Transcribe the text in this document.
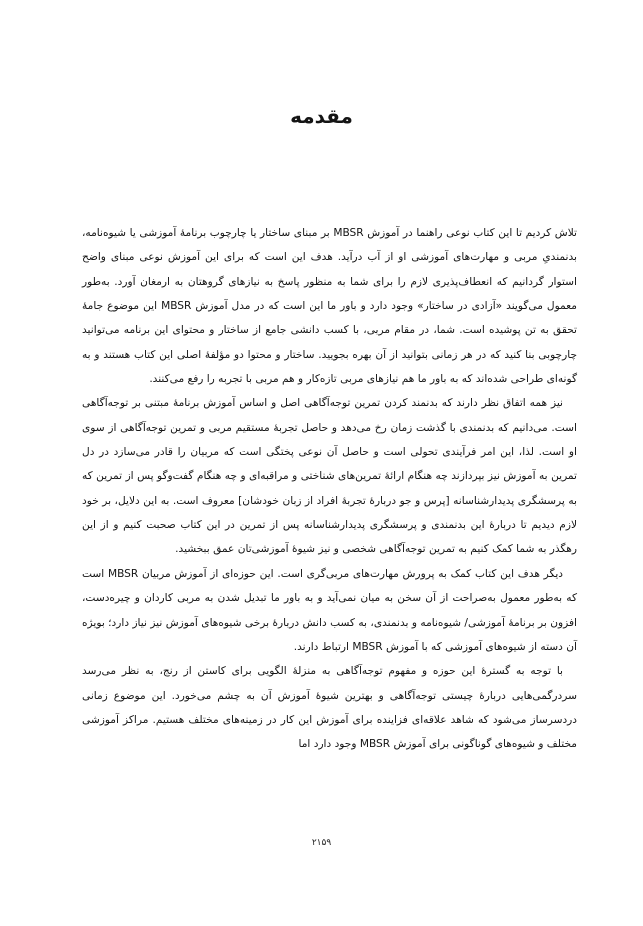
مقدمه

تلاش کردیم تا این کتاب نوعی راهنما در آموزش MBSR بر مبنای ساختار یا چارچوب برنامهٔ آموزشی یا شیوه‌نامه، بدنمندیِ مربی و مهارت‌های آموزشی او از آب درآید. هدف این است که برای این آموزش نوعی مبنای واضح استوار گردانیم که انعطاف‌پذیری لازم را برای شما به منظور پاسخ به نیازهای گروهتان به ارمغان آورد. به‌طور معمول می‌گویند «آزادی در ساختار» وجود دارد و باور ما این است که در مدل آموزش MBSR این موضوع جامهٔ تحقق به تن پوشیده است. شما، در مقام مربی، با کسب دانشی جامع از ساختار و محتوای این برنامه می‌توانید چارچوبی بنا کنید که در هر زمانی بتوانید از آن بهره بجویید. ساختار و محتوا دو مؤلفهٔ اصلی این کتاب هستند و به گونه‌ای طراحی شده‌اند که به باور ما هم نیازهای مربی تازه‌کار و هم مربی با تجربه را رفع می‌کنند.

نیز همه اتفاق نظر دارند که بدنمند کردن تمرین توجه‌آگاهی اصل و اساس آموزش برنامهٔ مبتنی بر توجه‌آگاهی است. می‌دانیم که بدنمندی با گذشت زمان رخ می‌دهد و حاصل تجربهٔ مستقیم مربی و تمرین توجه‌آگاهی از سوی او است. لذا، این امر فرآیندی تحولی است و حاصل آن نوعی پختگی است که مربیان را قادر می‌سازد در دل تمرین به آموزش نیز بپردازند چه هنگام ارائهٔ تمرین‌های شناختی و مراقبه‌ای و چه هنگام گفت‌وگو پس از تمرین که به پرسشگری پدیدارشناسانه [پرس و جو دربارهٔ تجربهٔ افراد از زبان خودشان] معروف است. به این دلایل، بر خود لازم دیدیم تا دربارهٔ این بدنمندی و پرسشگری پدیدارشناسانه پس از تمرین در این کتاب صحبت کنیم و از این رهگذر به شما کمک کنیم به تمرین توجه‌آگاهی شخصی و نیز شیوهٔ آموزشی‌تان عمق ببخشید.

دیگر هدف این کتاب کمک به پرورش مهارت‌های مربی‌گری است. این حوزه‌ای از آموزش مربیان MBSR است که به‌طور معمول به‌صراحت از آن سخن به میان نمی‌آید و به باور ما تبدیل شدن به مربی کاردان و چیره‌دست، افزون بر برنامهٔ آموزشی/ شیوه‌نامه و بدنمندی، به کسب دانش دربارهٔ برخی شیوه‌های آموزش نیز نیاز دارد؛ بویژه آن دسته از شیوه‌های آموزشی که با آموزش MBSR ارتباط دارند.

با توجه به گسترهٔ این حوزه و مفهوم توجه‌آگاهی به منزلهٔ الگویی برای کاستن از رنج، به نظر می‌رسد سردرگمی‌هایی دربارهٔ چیستی توجه‌آگاهی و بهترین شیوهٔ آموزش آن به چشم می‌خورد. این موضوع زمانی دردسرساز می‌شود که شاهد علاقه‌ای فزاینده برای آموزش این کار در زمینه‌های مختلف هستیم. مراکز آموزشی مختلف و شیوه‌های گوناگونی برای آموزش MBSR وجود دارد اما

۲۱۵۹
